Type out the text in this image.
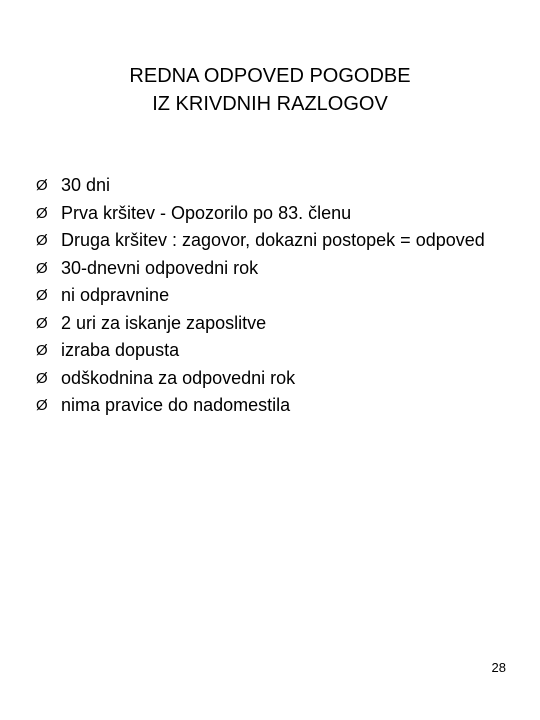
REDNA ODPOVED POGODBE
IZ KRIVDNIH RAZLOGOV
Ø 30 dni
Ø Prva kršitev - Opozorilo po 83. členu
Ø Druga kršitev : zagovor, dokazni postopek = odpoved
Ø 30-dnevni odpovedni rok
Ø ni odpravnine
Ø 2 uri za iskanje zaposlitve
Ø izraba dopusta
Ø odškodnina za odpovedni rok
Ø nima pravice do nadomestila
28
